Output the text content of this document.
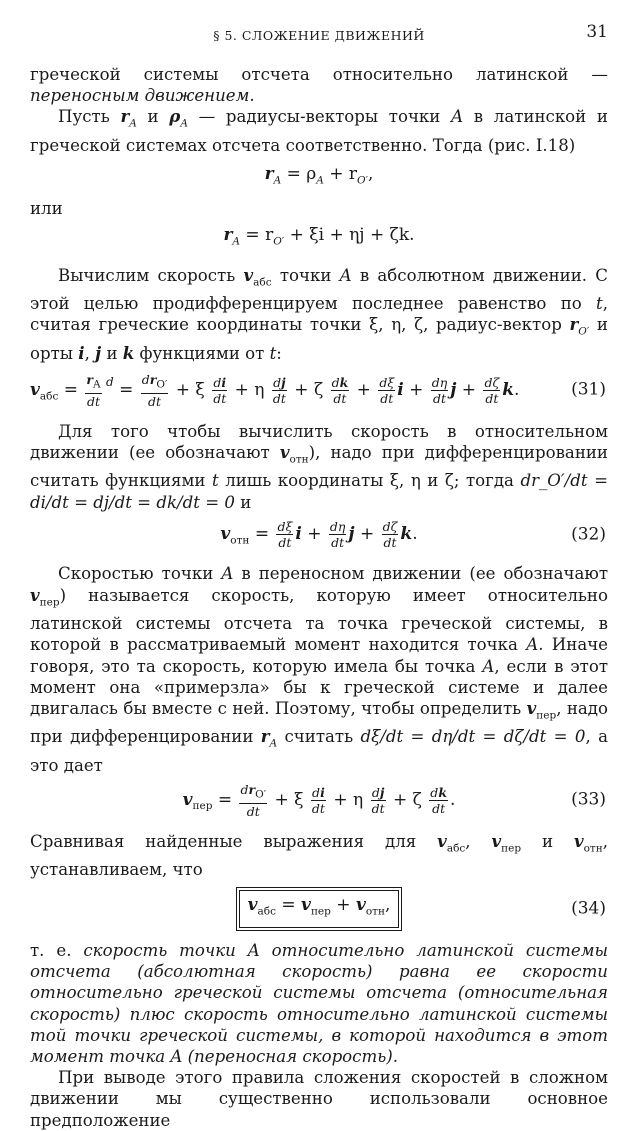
§ 5. СЛОЖЕНИЕ ДВИЖЕНИЙ	31

греческой системы отсчета относительно латинской — переносным движением.

Пусть $r_A$ и $\rho_A$ — радиусы-векторы точки A в латинской и греческой системах отсчета соответственно. Тогда (рис. I.18)

$r_A = \rho_A + r_{O'}$,

или

$r_A = r_{O'} + \xi i + \eta j + \zeta k$.

Вычислим скорость $v_{абс}$ точки A в абсолютном движении. С этой целью продифференцируем последнее равенство по t, считая греческие координаты точки ξ, η, ζ, радиус-вектор $r_{O'}$ и орты i, j и k функциями от t:

$v_{абс} = \frac{r_A}{dt} ^d = \frac{dr_{O'}}{dt} + \xi \frac{di}{dt} + \eta \frac{dj}{dt} + \zeta \frac{dk}{dt} + \frac{d\xi}{dt}$ $i + \frac{d\eta}{dt}$ $j + \frac{d\zeta}{dt} k$.	(31)

Для того чтобы вычислить скорость в относительном движении (ее обозначают $v_{отн}$), надо при дифференцировании считать функциями t лишь координаты ξ, η и ζ; тогда dr_O′/dt = di/dt = dj/dt = dk/dt = 0 и

$v_{отн} = \frac{d\xi}{dt}$ $i + \frac{d\eta}{dt}$ $j + \frac{d\zeta}{dt} k$.	(32)

Скоростью точки A в переносном движении (ее обозначают $v_{пер}$) называется скорость, которую имеет относительно латинской системы отсчета та точка греческой системы, в которой в рассматриваемый момент находится точка A. Иначе говоря, это та скорость, которую имела бы точка A, если в этот момент она «примерзла» бы к греческой системе и далее двигалась бы вместе с ней. Поэтому, чтобы определить $v_{пер}$, надо при дифференцировании $r_A$ считать dξ/dt = dη/dt = dζ/dt = 0, а это дает

$v_{пер} = \frac{dr_{O'}}{dt} + \xi \frac{di}{dt} + \eta \frac{dj}{dt} + \zeta \frac{dk}{dt}$ .	(33)

Сравнивая найденные выражения для $v_{абс}$, $v_{пер}$ и $v_{отн}$, устанавливаем, что

$v_{абс} = v_{пер} + v_{отн}$,	(34)

т. е. скорость точки A относительно латинской системы отсчета (абсолютная скорость) равна ее скорости относительно греческой системы отсчета (относительная скорость) плюс скорость относительно латинской системы той точки греческой системы, в которой находится в этот момент точка A (переносная скорость).

При выводе этого правила сложения скоростей в сложном движении мы существенно использовали основное предположение
